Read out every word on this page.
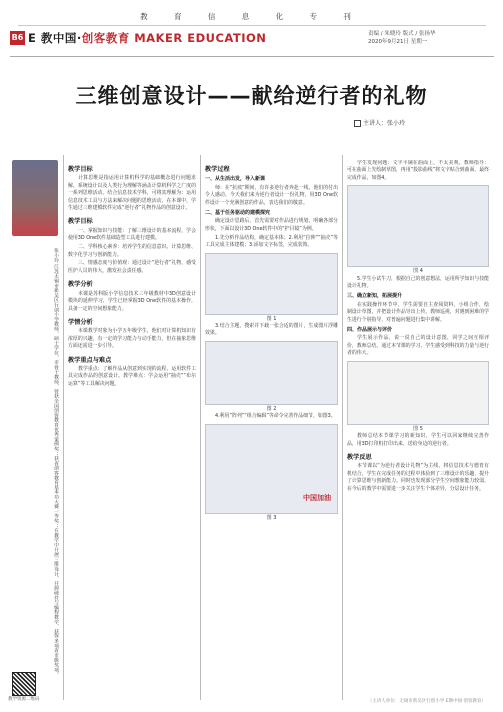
教 育 信 息 化 专 刊
B6 E 教中国·创客教育 MAKER EDUCATION	责编 / 朱晓玲 版式 / 张扬华
2020年9月21日 星期一
三维创意设计——献给逆行者的礼物
主讲人：张小玲
张小玲 江苏无锡市新吴区行创小学教师，硕士学位，市骨干教师，曾获全国创客教育优秀案例奖；获省创客教育基本功大赛一等奖；在教学中开展三维设计、开源硬件与编程教学，获得多项省市级奖项。
教学资源二维码
教学目标

计算思维是指运用计算机科学的基础概念进行问题求解、系统设计以及人类行为理解等涵盖计算机科学之广度的一系列思维活动。结合信息技术学科，可将其理解为：运用信息技术工具与方法来解决问题的思维活动，在本课中，学生通过三维建模软件完成“逆行者”礼物作品的创意设计。

教学目标

一、掌握知识与技能：了解三维设计的基本流程，学会使用3D One软件基础造型工具进行建模。

二、学科核心素养：培养学生的信息意识、计算思维、数字化学习与创新能力。

三、情感态度与价值观：通过设计“逆行者”礼物，感受医护人员的伟大，激发社会责任感。

教学分析

本课是苏科版小学信息技术三年级教材中3D创意设计模块的延伸学习，学生已经掌握3D One软件的基本操作，具备一定的空间想象能力。

学情分析

本课教学对象为小学五年级学生，他们对计算机知识有浓厚的兴趣，有一定的学习能力与动手能力，但在抽象思维方面还需进一步引导。

教学重点与难点

教学重点：了解作品从创意到实现的流程，运用软件工具完成作品的创意设计。教学难点：学会运用“抽壳”“布尔运算”等工具解决问题。

教学过程
一、从生活出发，导入新课

师：在“抗疫”期间，有许多逆行者奔赴一线，他们的付出令人感动。今天我们来为逆行者设计一份礼物，用3D One软件设计一个充满创意的作品，表达我们的敬意。

二、基于任务驱动的建模探究

确定设计思路后，首先需要对作品进行规划，明确各部分形状，下面以设计3D One软件中的“护目镜”为例。

1.先分析作品结构，确定基本体；2.利用“拉伸”“抽壳”等工具完成主体建模；3.添加文字标签，完成装饰。

图 1

3.结合主题，搜索并下载一张合适的图片，生成图片浮雕效果。

图 2

4.利用“阵列”“组合编辑”等命令完善作品细节，如图3。

中国加油
图 3

学生发现问题：文字平铺在曲面上，不太美观。教师指导：可在曲面上先绘制草图，再用“投影曲线”将文字贴合到曲面，最终完成作品，如图4。

图 4

5.学生小试牛刀，根据自己的创意想法，运用所学知识与技能设计礼物。

三、确立新知，拓展提升

在实践操作环节中，学生需要自主查阅资料，小组合作，绘制设计草图，并把设计作品导出上传。教师巡视，对遇到困难的学生进行个别指导，对普遍问题进行集中讲解。

四、作品展示与评价

学生展示作品，说一说自己的设计意图，同学之间互相评价，教师总结。通过本节课的学习，学生感受到科技的力量与逆行者的伟大。

图 5

教师总结本节课学习的新知识，学生可以回家继续完善作品，用3D打印机打印出来，送给身边的逆行者。

教学反思

本节课以“为逆行者设计礼物”为主线，将信息技术与德育有机结合，学生在完成任务的过程中体验到了三维设计的乐趣，提升了计算思维与创新能力。同时也发现部分学生空间想象能力较弱，在今后的教学中需要进一步关注学生个体差异，分层设计任务。

（主讲人单位：无锡市新吴区行创小学 E教中国·创客教育）
